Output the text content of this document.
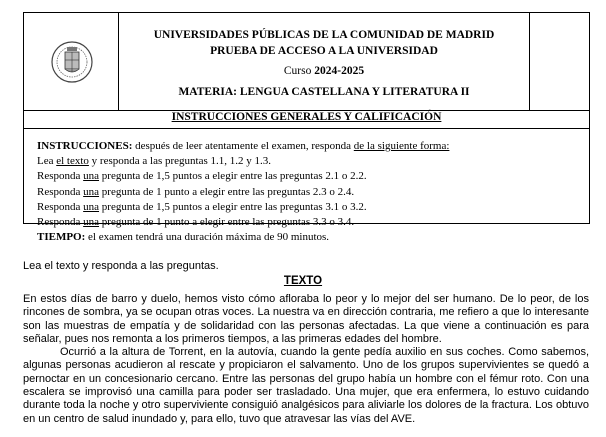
UNIVERSIDADES PÚBLICAS DE LA COMUNIDAD DE MADRID
PRUEBA DE ACCESO A LA UNIVERSIDAD
Curso 2024-2025
MATERIA: LENGUA CASTELLANA Y LITERATURA II
INSTRUCCIONES GENERALES Y CALIFICACIÓN

INSTRUCCIONES: después de leer atentamente el examen, responda de la siguiente forma:

Lea el texto y responda a las preguntas 1.1, 1.2 y 1.3.

Responda una pregunta de 1,5 puntos a elegir entre las preguntas 2.1 o 2.2.

Responda una pregunta de 1 punto a elegir entre las preguntas 2.3 o 2.4.

Responda una pregunta de 1,5 puntos a elegir entre las preguntas 3.1 o 3.2.

Responda una pregunta de 1 punto a elegir entre las preguntas 3.3 o 3.4.

TIEMPO: el examen tendrá una duración máxima de 90 minutos.

Lea el texto y responda a las preguntas.
TEXTO

En estos días de barro y duelo, hemos visto cómo afloraba lo peor y lo mejor del ser humano. De lo peor, de los rincones de sombra, ya se ocupan otras voces. La nuestra va en dirección contraria, me refiero a que lo interesante son las muestras de empatía y de solidaridad con las personas afectadas. La que viene a continuación es para señalar, pues nos remonta a los primeros tiempos, a las primeras edades del hombre.

Ocurrió a la altura de Torrent, en la autovía, cuando la gente pedía auxilio en sus coches. Como sabemos, algunas personas acudieron al rescate y propiciaron el salvamento. Uno de los grupos supervivientes se quedó a pernoctar en un concesionario cercano. Entre las personas del grupo había un hombre con el fémur roto. Con una escalera se improvisó una camilla para poder ser trasladado. Una mujer, que era enfermera, lo estuvo cuidando durante toda la noche y otro superviviente consiguió analgésicos para aliviarle los dolores de la fractura. Los obtuvo en un centro de salud inundado y, para ello, tuvo que atravesar las vías del AVE.
